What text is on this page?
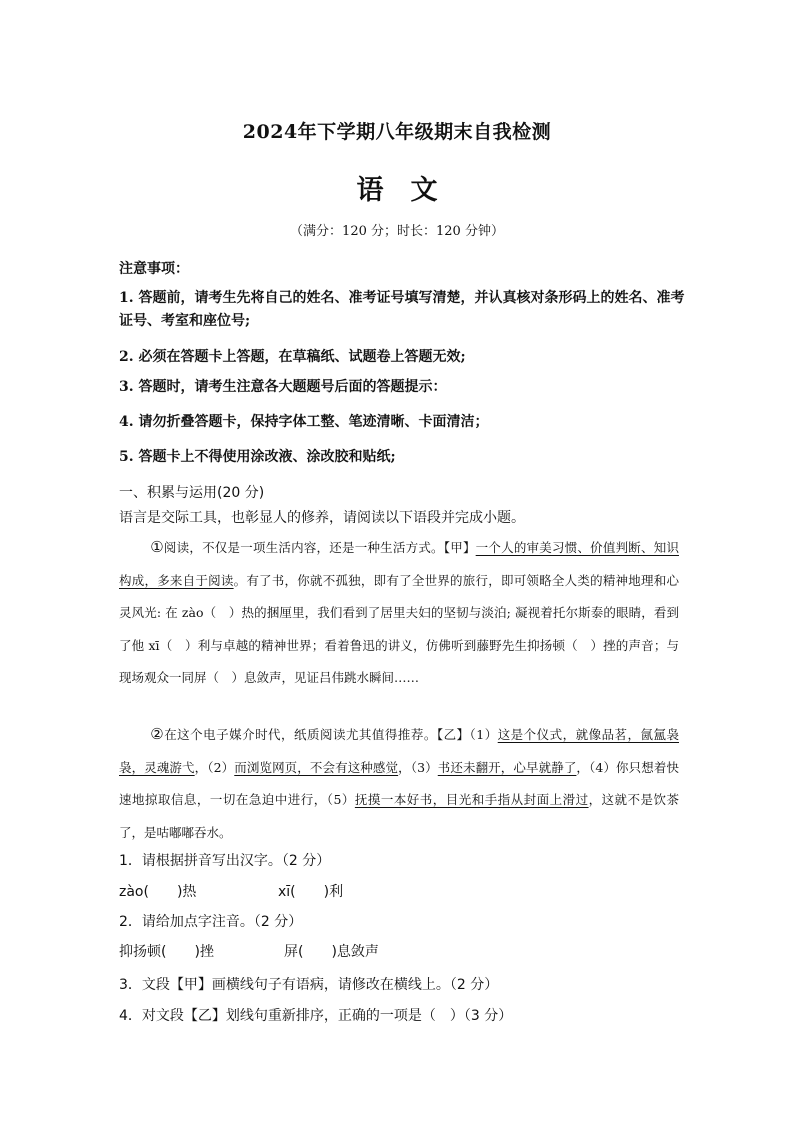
2024年下学期八年级期末自我检测
语　文
（满分：120 分；时长：120 分钟）
注意事项：
1. 答题前，请考生先将自己的姓名、准考证号填写清楚，并认真核对条形码上的姓名、准考证号、考室和座位号;
2. 必须在答题卡上答题，在草稿纸、试题卷上答题无效;
3. 答题时，请考生注意各大题题号后面的答题提示：
4. 请勿折叠答题卡，保持字体工整、笔迹清晰、卡面清洁；
5. 答题卡上不得使用涂改液、涂改胶和贴纸;
一、积累与运用(20 分)
语言是交际工具，也彰显人的修养，请阅读以下语段并完成小题。
①阅读，不仅是一项生活内容，还是一种生活方式。【甲】一个人的审美习惯、价值判断、知识构成，多来自于阅读。有了书，你就不孤独，即有了全世界的旅行，即可领略全人类的精神地理和心灵风光: 在 zào（　）热的捆厘里，我们看到了居里夫妇的坚韧与淡泊; 凝视着托尔斯泰的眼睛，看到了他 xī（　）利与卓越的精神世界；看着鲁迅的讲义，仿佛听到藤野先生抑扬顿（　）挫的声音；与现场观众一同屏（　）息敛声，见证吕伟跳水瞬间……
②在这个电子媒介时代，纸质阅读尤其值得推荐。【乙】（1）这是个仪式，就像品茗，氤氲袅袅，灵魂游弋，（2）而浏览网页，不会有这种感觉，（3）书还未翻开，心早就静了，（4）你只想着快速地掠取信息，一切在急迫中进行，（5）抚摸一本好书，目光和手指从封面上滑过，这就不是饮茶了，是咕嘟嘟吞水。
1．请根据拼音写出汉字。（2 分）
zào(　　)热	xī(　　)利
2．请给加点字注音。（2 分）
抑扬顿(　　)挫	屏(　　)息敛声
3．文段【甲】画横线句子有语病，请修改在横线上。（2 分）
4．对文段【乙】划线句重新排序，正确的一项是（　）（3 分）
